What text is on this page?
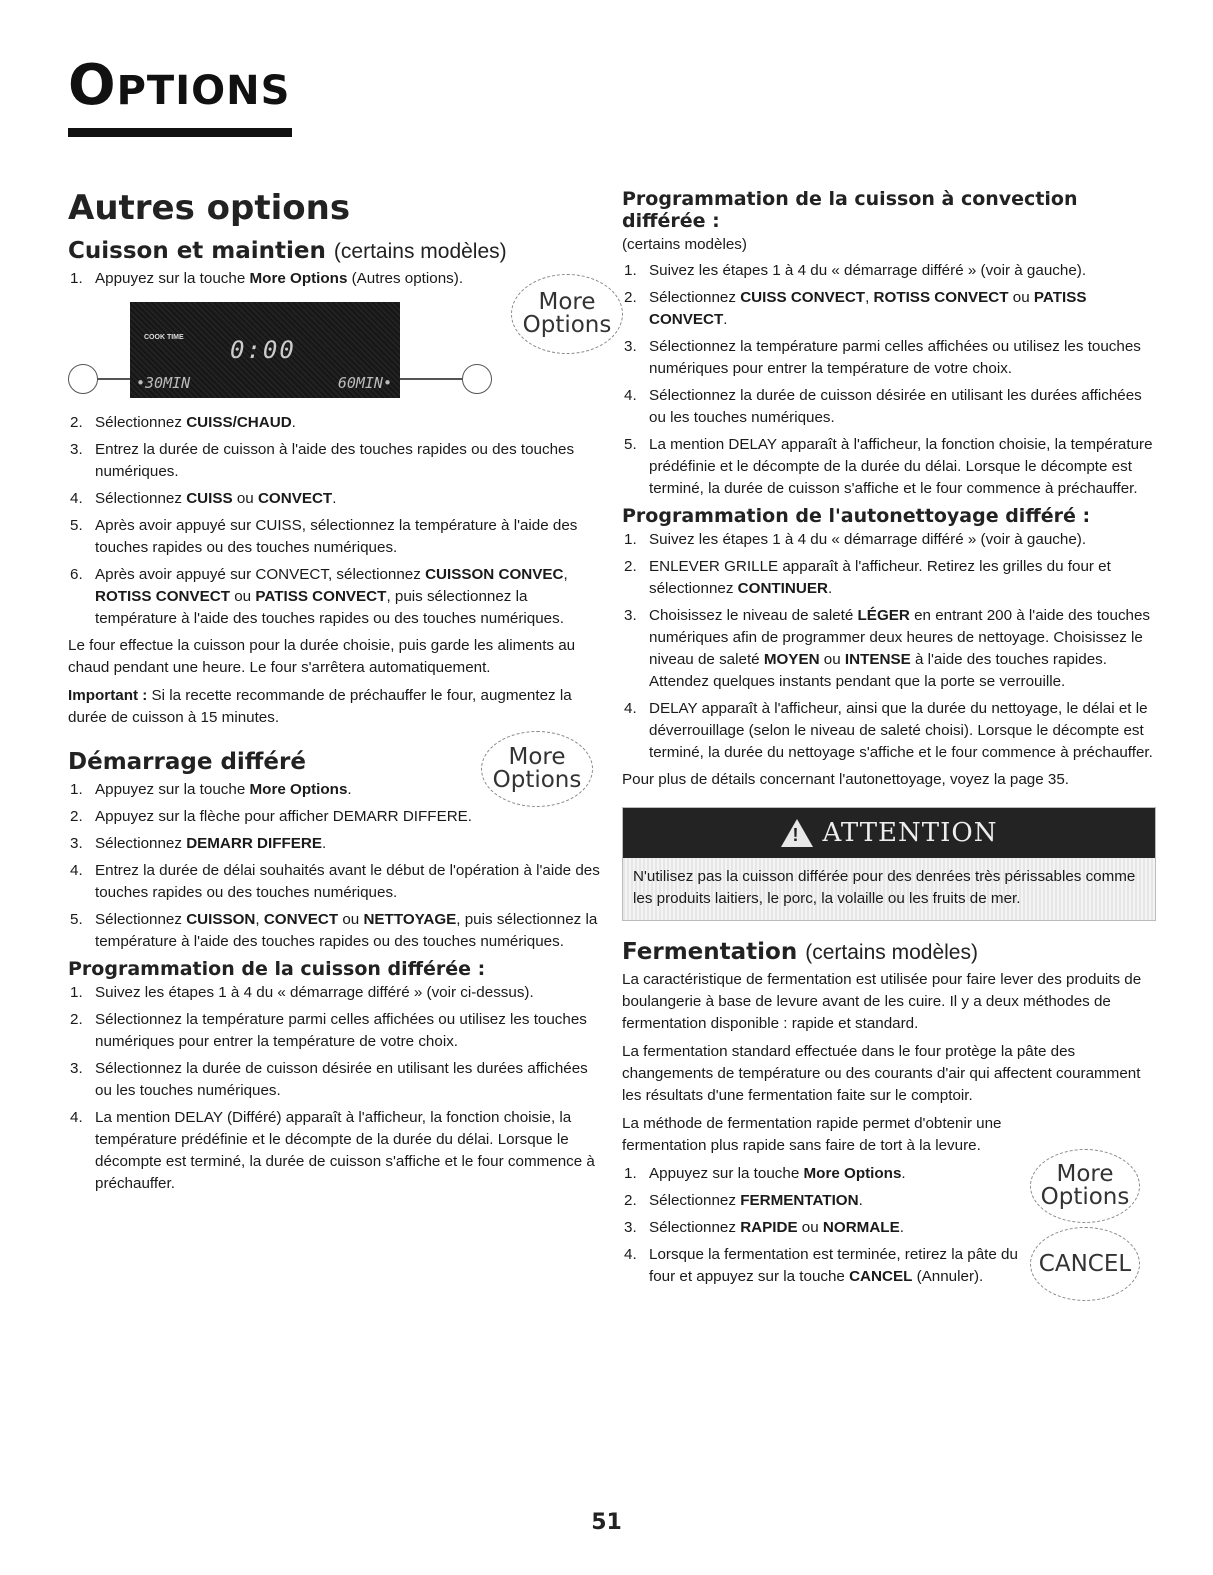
OPTIONS
Autres options
Cuisson et maintien (certains modèles)
1. Appuyez sur la touche More Options (Autres options).
COOK TIME 0:00
•30MIN	60MIN•
More
Options
2. Sélectionnez CUISS/CHAUD.
3. Entrez la durée de cuisson à l'aide des touches rapides ou des touches numériques.
4. Sélectionnez CUISS ou CONVECT.
5. Après avoir appuyé sur CUISS, sélectionnez la température à l'aide des touches rapides ou des touches numériques.
6. Après avoir appuyé sur CONVECT, sélectionnez CUISSON CONVEC, ROTISS CONVECT ou PATISS CONVECT, puis sélectionnez la température à l'aide des touches rapides ou des touches numériques.

Le four effectue la cuisson pour la durée choisie, puis garde les aliments au chaud pendant une heure. Le four s'arrêtera automatiquement.

Important : Si la recette recommande de préchauffer le four, augmentez la durée de cuisson à 15 minutes.

More
Options
Démarrage différé
1. Appuyez sur la touche More Options.
2. Appuyez sur la flèche pour afficher DEMARR DIFFERE.
3. Sélectionnez DEMARR DIFFERE.
4. Entrez la durée de délai souhaités avant le début de l'opération à l'aide des touches rapides ou des touches numériques.
5. Sélectionnez CUISSON, CONVECT ou NETTOYAGE, puis sélectionnez la température à l'aide des touches rapides ou des touches numériques.
Programmation de la cuisson différée :
1. Suivez les étapes 1 à 4 du « démarrage différé » (voir ci-dessus).
2. Sélectionnez la température parmi celles affichées ou utilisez les touches numériques pour entrer la température de votre choix.
3. Sélectionnez la durée de cuisson désirée en utilisant les durées affichées ou les touches numériques.
4. La mention DELAY (Différé) apparaît à l'afficheur, la fonction choisie, la température prédéfinie et le décompte de la durée du délai. Lorsque le décompte est terminé, la durée de cuisson s'affiche et le four commence à préchauffer.
Programmation de la cuisson à convection différée :

(certains modèles)

1. Suivez les étapes 1 à 4 du « démarrage différé » (voir à gauche).
2. Sélectionnez CUISS CONVECT, ROTISS CONVECT ou PATISS CONVECT.
3. Sélectionnez la température parmi celles affichées ou utilisez les touches numériques pour entrer la température de votre choix.
4. Sélectionnez la durée de cuisson désirée en utilisant les durées affichées ou les touches numériques.
5. La mention DELAY apparaît à l'afficheur, la fonction choisie, la température prédéfinie et le décompte de la durée du délai. Lorsque le décompte est terminé, la durée de cuisson s'affiche et le four commence à préchauffer.
Programmation de l'autonettoyage différé :
1. Suivez les étapes 1 à 4 du « démarrage différé » (voir à gauche).
2. ENLEVER GRILLE apparaît à l'afficheur. Retirez les grilles du four et sélectionnez CONTINUER.
3. Choisissez le niveau de saleté LÉGER en entrant 200 à l'aide des touches numériques afin de programmer deux heures de nettoyage. Choisissez le niveau de saleté MOYEN ou INTENSE à l'aide des touches rapides. Attendez quelques instants pendant que la porte se verrouille.
4. DELAY apparaît à l'afficheur, ainsi que la durée du nettoyage, le délai et le déverrouillage (selon le niveau de saleté choisi). Lorsque le décompte est terminé, la durée du nettoyage s'affiche et le four commence à préchauffer.

Pour plus de détails concernant l'autonettoyage, voyez la page 35.

! ATTENTION
N'utilisez pas la cuisson différée pour des denrées très périssables comme les produits laitiers, le porc, la volaille ou les fruits de mer.
Fermentation (certains modèles)

La caractéristique de fermentation est utilisée pour faire lever des produits de boulangerie à base de levure avant de les cuire. Il y a deux méthodes de fermentation disponible : rapide et standard.

La fermentation standard effectuée dans le four protège la pâte des changements de température ou des courants d'air qui affectent couramment les résultats d'une fermentation faite sur le comptoir.

La méthode de fermentation rapide permet d'obtenir une fermentation plus rapide sans faire de tort à la levure.

1. Appuyez sur la touche More Options.
2. Sélectionnez FERMENTATION.
3. Sélectionnez RAPIDE ou NORMALE.
4. Lorsque la fermentation est terminée, retirez la pâte du four et appuyez sur la touche CANCEL (Annuler).
More
Options
CANCEL
51
